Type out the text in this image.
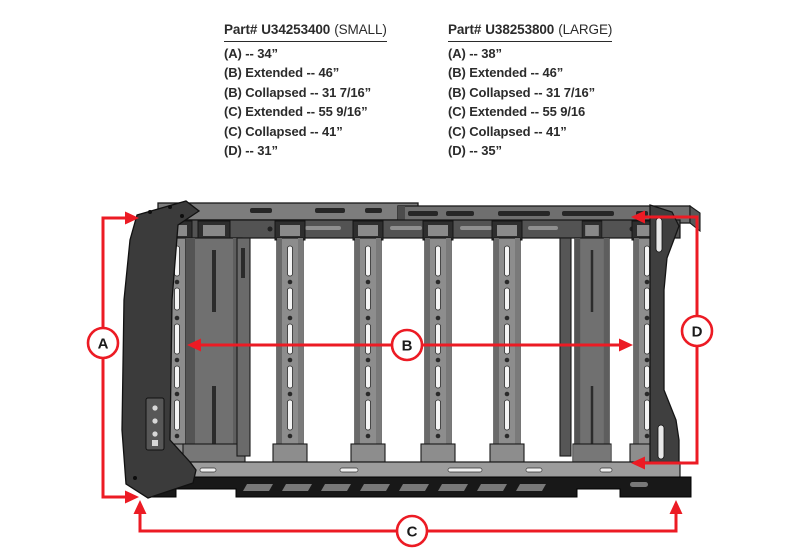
Part# U34253400 (SMALL)
(A) -- 34”
(B) Extended -- 46”
(B) Collapsed -- 31 7/16”
(C) Extended -- 55 9/16”
(C) Collapsed -- 41”
(D) -- 31”
Part# U38253800 (LARGE)
(A) -- 38”
(B) Extended -- 46”
(B) Collapsed -- 31 7/16”
(C) Extended -- 55 9/16
(C) Collapsed -- 41”
(D) -- 35”
A	B
C
D
